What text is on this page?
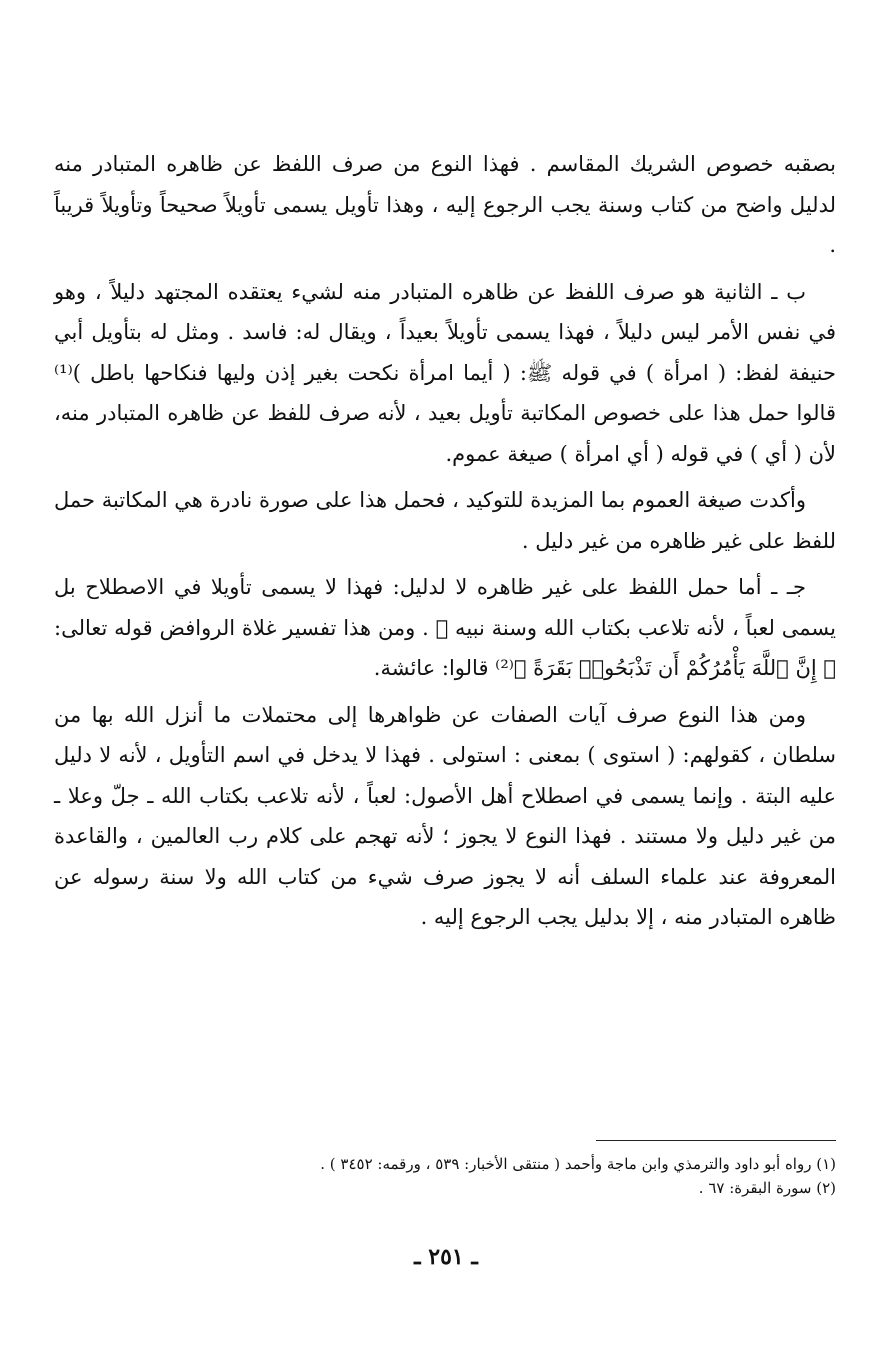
بصقبه خصوص الشريك المقاسم . فهذا النوع من صرف اللفظ عن ظاهره المتبادر منه لدليل واضح من كتاب وسنة يجب الرجوع إليه ، وهذا تأويل يسمى تأويلاً صحيحاً وتأويلاً قريباً .

ب ـ الثانية هو صرف اللفظ عن ظاهره المتبادر منه لشيء يعتقده المجتهد دليلاً ، وهو في نفس الأمر ليس دليلاً ، فهذا يسمى تأويلاً بعيداً ، ويقال له: فاسد . ومثل له بتأويل أبي حنيفة لفظ: ( امرأة ) في قوله ﷺ: ( أيما امرأة نكحت بغير إذن وليها فنكاحها باطل )⁽¹⁾ قالوا حمل هذا على خصوص المكاتبة تأويل بعيد ، لأنه صرف للفظ عن ظاهره المتبادر منه، لأن ( أي ) في قوله ( أي امرأة ) صيغة عموم.

وأكدت صيغة العموم بما المزيدة للتوكيد ، فحمل هذا على صورة نادرة هي المكاتبة حمل للفظ على غير ظاهره من غير دليل .

جـ ـ أما حمل اللفظ على غير ظاهره لا لدليل: فهذا لا يسمى تأويلا في الاصطلاح بل يسمى لعباً ، لأنه تلاعب بكتاب الله وسنة نبيه ﷺ . ومن هذا تفسير غلاة الروافض قوله تعالى: ﴿ إِنَّ ٱللَّهَ يَأْمُرُكُمْ أَن تَذْبَحُوا۟ بَقَرَةً ﴾⁽²⁾ قالوا: عائشة.

ومن هذا النوع صرف آيات الصفات عن ظواهرها إلى محتملات ما أنزل الله بها من سلطان ، كقولهم: ( استوى ) بمعنى : استولى . فهذا لا يدخل في اسم التأويل ، لأنه لا دليل عليه البتة . وإنما يسمى في اصطلاح أهل الأصول: لعباً ، لأنه تلاعب بكتاب الله ـ جلّ وعلا ـ من غير دليل ولا مستند . فهذا النوع لا يجوز ؛ لأنه تهجم على كلام رب العالمين ، والقاعدة المعروفة عند علماء السلف أنه لا يجوز صرف شيء من كتاب الله ولا سنة رسوله عن ظاهره المتبادر منه ، إلا بدليل يجب الرجوع إليه .

(١) رواه أبو داود والترمذي وابن ماجة وأحمد ( منتقى الأخبار: ٥٣٩ ، ورقمه: ٣٤٥٢ ) .

(٢) سورة البقرة: ٦٧ .

ـ ٢٥١ ـ
